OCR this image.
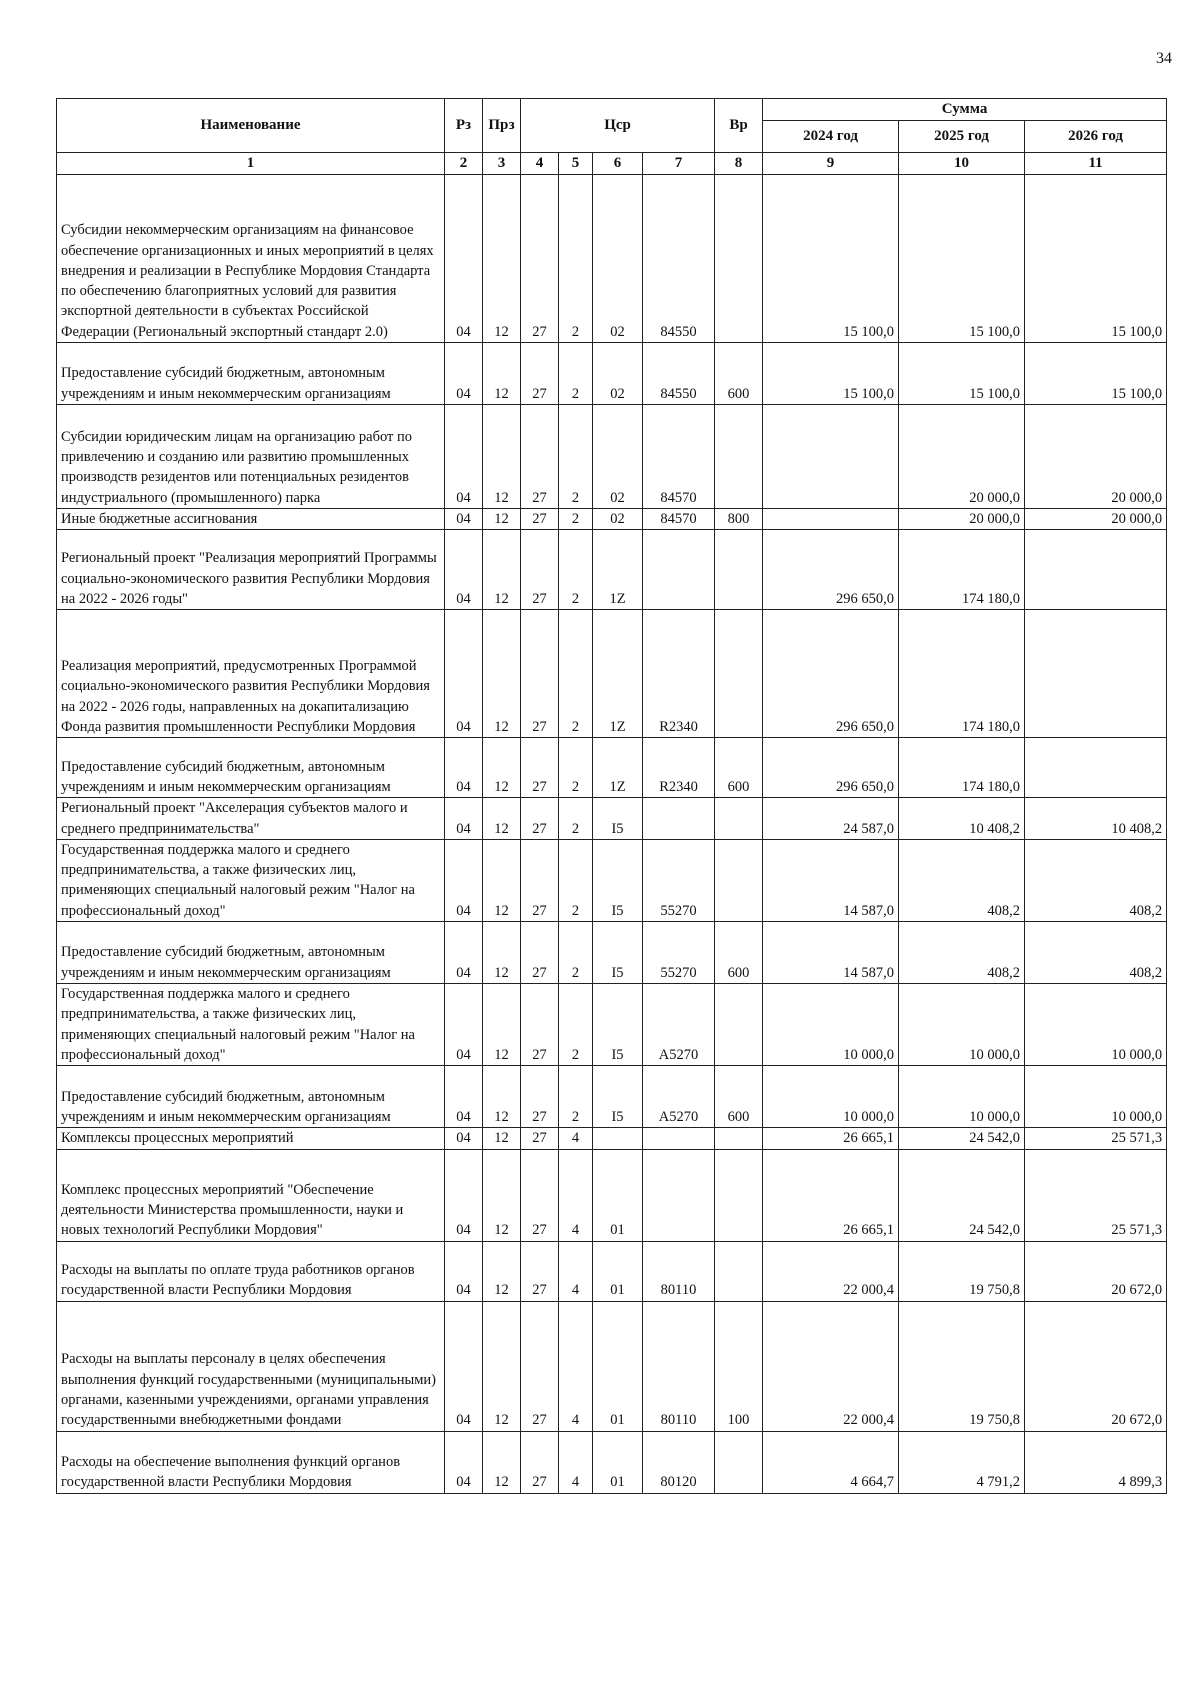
34
Наименование	Рз	Прз	Цср				Вр	Сумма		
								2024 год	2025 год	2026 год
1	2	3	4	5	6	7	8	9	10	11
Субсидии некоммерческим организациям на финансовое обеспечение организационных и иных мероприятий в целях внедрения и реализации в Республике Мордовия Стандарта по обеспечению благоприятных условий для развития экспортной деятельности в субъектах Российской Федерации (Региональный экспортный стандарт 2.0)	04	12	27	2	02	84550		15 100,0	15 100,0	15 100,0
Предоставление субсидий бюджетным, автономным учреждениям и иным некоммерческим организациям	04	12	27	2	02	84550	600	15 100,0	15 100,0	15 100,0
Субсидии юридическим лицам на организацию работ по привлечению и созданию или развитию промышленных производств резидентов или потенциальных резидентов индустриального (промышленного) парка	04	12	27	2	02	84570			20 000,0	20 000,0
Иные бюджетные ассигнования	04	12	27	2	02	84570	800		20 000,0	20 000,0
Региональный проект "Реализация мероприятий Программы социально-экономического развития Республики Мордовия на 2022 - 2026 годы"	04	12	27	2	1Z			296 650,0	174 180,0	
Реализация мероприятий, предусмотренных Программой социально-экономического развития Республики Мордовия на 2022 - 2026 годы, направленных на докапитализацию Фонда развития промышленности Республики Мордовия	04	12	27	2	1Z	R2340		296 650,0	174 180,0	
Предоставление субсидий бюджетным, автономным учреждениям и иным некоммерческим организациям	04	12	27	2	1Z	R2340	600	296 650,0	174 180,0	
Региональный проект "Акселерация субъектов малого и среднего предпринимательства"	04	12	27	2	I5			24 587,0	10 408,2	10 408,2
Государственная поддержка малого и среднего предпринимательства, а также физических лиц, применяющих специальный налоговый режим "Налог на профессиональный доход"	04	12	27	2	I5	55270		14 587,0	408,2	408,2
Предоставление субсидий бюджетным, автономным учреждениям и иным некоммерческим организациям	04	12	27	2	I5	55270	600	14 587,0	408,2	408,2
Государственная поддержка малого и среднего предпринимательства, а также физических лиц, применяющих специальный налоговый режим "Налог на профессиональный доход"	04	12	27	2	I5	A5270		10 000,0	10 000,0	10 000,0
Предоставление субсидий бюджетным, автономным учреждениям и иным некоммерческим организациям	04	12	27	2	I5	A5270	600	10 000,0	10 000,0	10 000,0
Комплексы процессных мероприятий	04	12	27	4				26 665,1	24 542,0	25 571,3
Комплекс процессных мероприятий "Обеспечение деятельности Министерства промышленности, науки и новых технологий Республики Мордовия"	04	12	27	4	01			26 665,1	24 542,0	25 571,3
Расходы на выплаты по оплате труда работников органов государственной власти Республики Мордовия	04	12	27	4	01	80110		22 000,4	19 750,8	20 672,0
Расходы на выплаты персоналу в целях обеспечения выполнения функций государственными (муниципальными) органами, казенными учреждениями, органами управления государственными внебюджетными фондами	04	12	27	4	01	80110	100	22 000,4	19 750,8	20 672,0
Расходы на обеспечение выполнения функций органов государственной власти Республики Мордовия	04	12	27	4	01	80120		4 664,7	4 791,2	4 899,3
